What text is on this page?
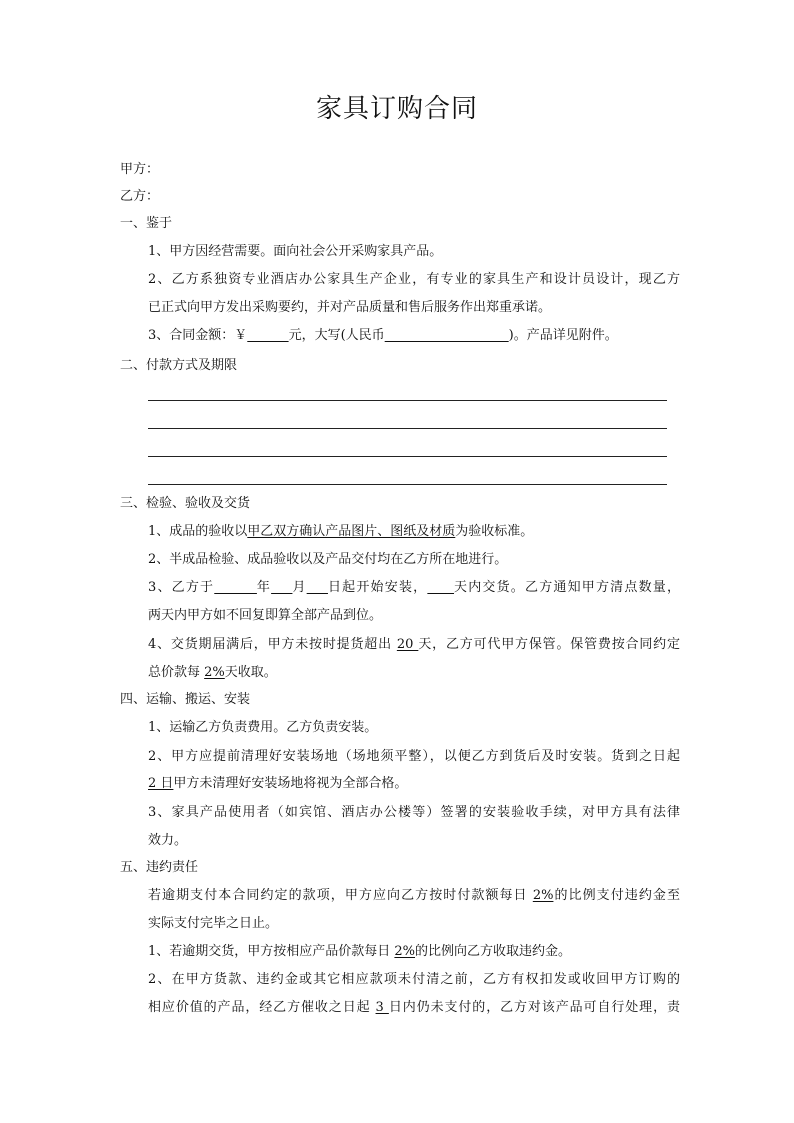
家具订购合同
甲方：
乙方：
一、鉴于
1、甲方因经营需要。面向社会公开采购家具产品。
2、乙方系独资专业酒店办公家具生产企业，有专业的家具生产和设计员设计，现乙方
已正式向甲方发出采购要约，并对产品质量和售后服务作出郑重承诺。
3、合同金额：￥	元，大写(人民币	)。产品详见附件。
二、付款方式及期限
三、检验、验收及交货
1、成品的验收以甲乙双方确认产品图片、图纸及材质为验收标准。
2、半成品检验、成品验收以及产品交付均在乙方所在地进行。
3、乙方于	年 月 日起开始安装， 天内交货。乙方通知甲方清点数量，
两天内甲方如不回复即算全部产品到位。
4、交货期届满后，甲方未按时提货超出 20 天，乙方可代甲方保管。保管费按合同约定
总价款每 2%天收取。
四、运输、搬运、安装
1、运输乙方负责费用。乙方负责安装。
2、甲方应提前清理好安装场地（场地须平整），以便乙方到货后及时安装。货到之日起
2 日甲方未清理好安装场地将视为全部合格。
3、家具产品使用者（如宾馆、酒店办公楼等）签署的安装验收手续，对甲方具有法律
效力。
五、违约责任
若逾期支付本合同约定的款项，甲方应向乙方按时付款额每日 2%的比例支付违约金至
实际支付完毕之日止。
1、若逾期交货，甲方按相应产品价款每日 2%的比例向乙方收取违约金。
2、在甲方货款、违约金或其它相应款项未付清之前，乙方有权扣发或收回甲方订购的
相应价值的产品，经乙方催收之日起 3 日内仍未支付的，乙方对该产品可自行处理，责
